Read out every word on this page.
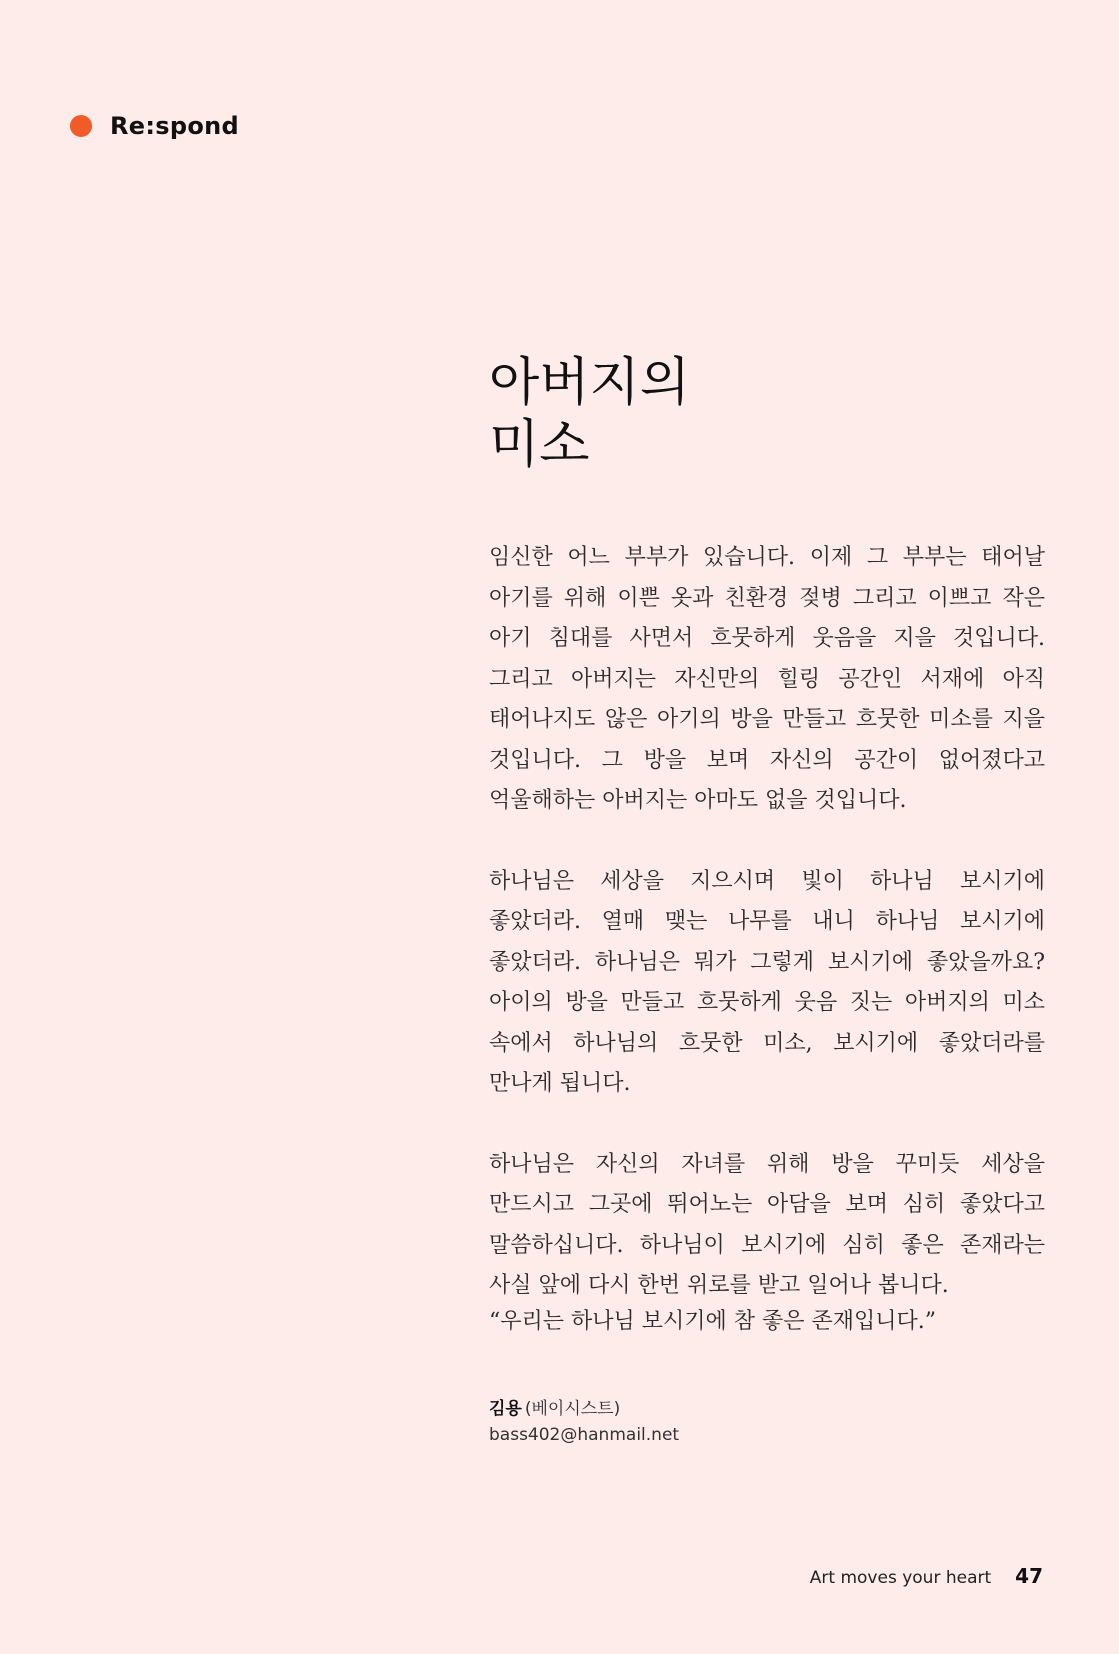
Re:spond
아버지의
미소

임신한 어느 부부가 있습니다. 이제 그 부부는 태어날 아기를 위해 이쁜 옷과 친환경 젖병 그리고 이쁘고 작은 아기 침대를 사면서 흐뭇하게 웃음을 지을 것입니다. 그리고 아버지는 자신만의 힐링 공간인 서재에 아직 태어나지도 않은 아기의 방을 만들고 흐뭇한 미소를 지을 것입니다. 그 방을 보며 자신의 공간이 없어졌다고 억울해하는 아버지는 아마도 없을 것입니다.

하나님은 세상을 지으시며 빛이 하나님 보시기에 좋았더라. 열매 맺는 나무를 내니 하나님 보시기에 좋았더라. 하나님은 뭐가 그렇게 보시기에 좋았을까요? 아이의 방을 만들고 흐뭇하게 웃음 짓는 아버지의 미소 속에서 하나님의 흐뭇한 미소, 보시기에 좋았더라를 만나게 됩니다.

하나님은 자신의 자녀를 위해 방을 꾸미듯 세상을 만드시고 그곳에 뛰어노는 아담을 보며 심히 좋았다고 말씀하십니다. 하나님이 보시기에 심히 좋은 존재라는 사실 앞에 다시 한번 위로를 받고 일어나 봅니다.

“우리는 하나님 보시기에 참 좋은 존재입니다.”

김용 (베이시스트)
bass402@hanmail.net
Art moves your heart 47
